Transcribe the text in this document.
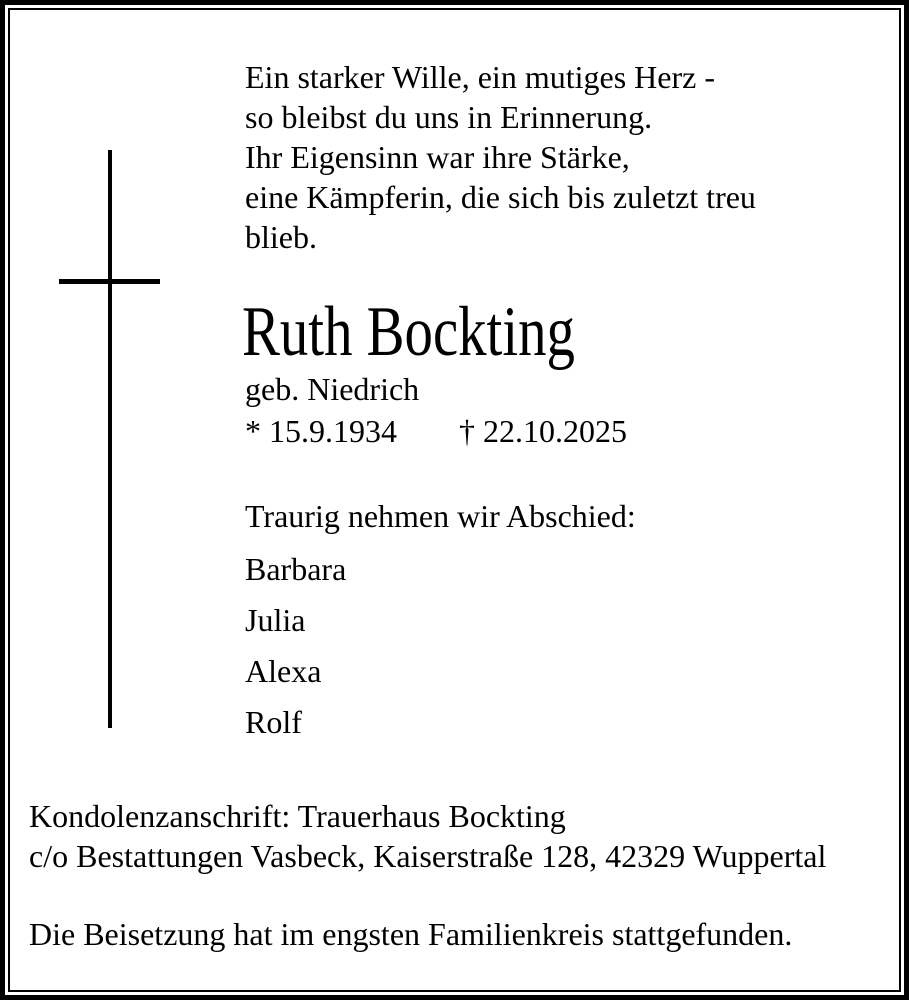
Ein starker Wille, ein mutiges Herz -
so bleibst du uns in Erinnerung.
Ihr Eigensinn war ihre Stärke,
eine Kämpferin, die sich bis zuletzt treu
blieb.
Ruth Bockting
geb. Niedrich
* 15.9.1934 † 22.10.2025
Traurig nehmen wir Abschied:
Barbara
Julia
Alexa
Rolf
Kondolenzanschrift: Trauerhaus Bockting
c/o Bestattungen Vasbeck, Kaiserstraße 128, 42329 Wuppertal
Die Beisetzung hat im engsten Familienkreis stattgefunden.
